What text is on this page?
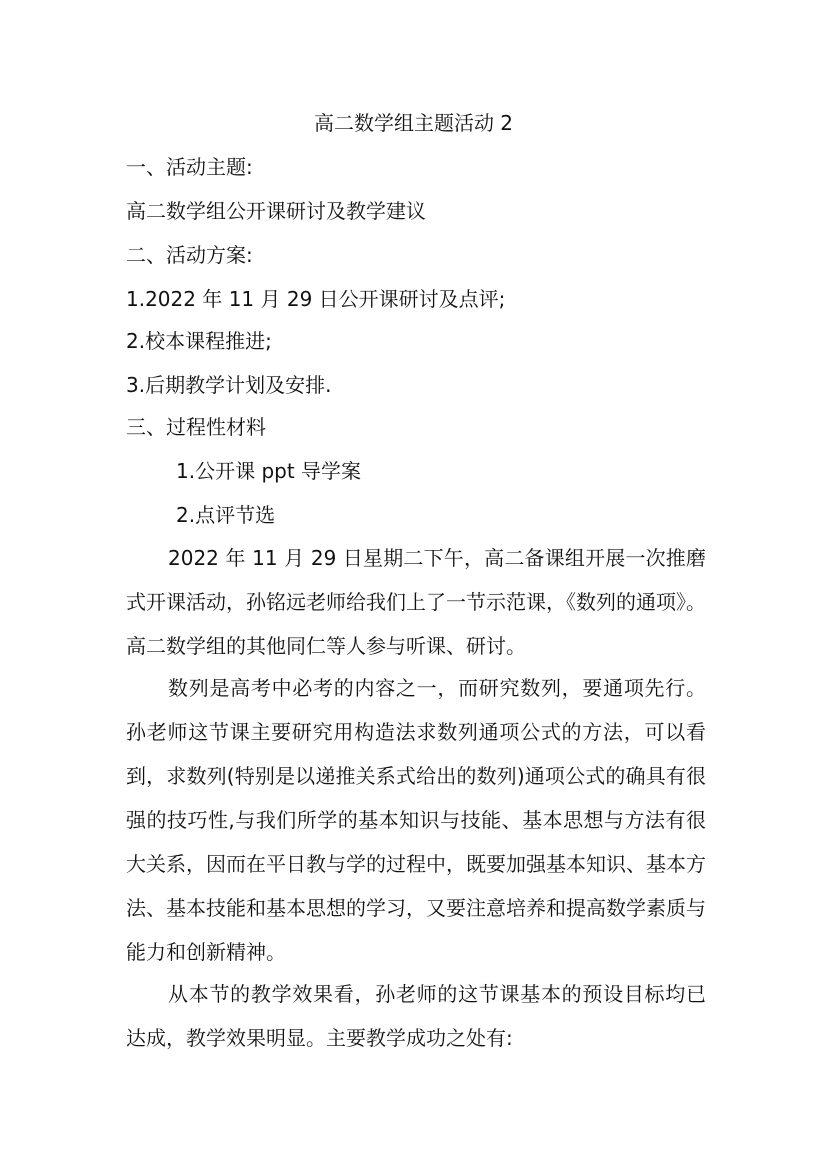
高二数学组主题活动 2
一、活动主题:
高二数学组公开课研讨及教学建议
二、活动方案:
1.2022 年 11 月 29 日公开课研讨及点评;
2.校本课程推进;
3.后期教学计划及安排.
三、过程性材料
1.公开课 ppt 导学案
2.点评节选

2022 年 11 月 29 日星期二下午，高二备课组开展一次推磨式开课活动，孙铭远老师给我们上了一节示范课，《数列的通项》。高二数学组的其他同仁等人参与听课、研讨。

数列是高考中必考的内容之一，而研究数列，要通项先行。孙老师这节课主要研究用构造法求数列通项公式的方法，可以看到，求数列(特别是以递推关系式给出的数列)通项公式的确具有很强的技巧性,与我们所学的基本知识与技能、基本思想与方法有很大关系，因而在平日教与学的过程中，既要加强基本知识、基本方法、基本技能和基本思想的学习，又要注意培养和提高数学素质与能力和创新精神。

从本节的教学效果看，孙老师的这节课基本的预设目标均已达成，教学效果明显。主要教学成功之处有:
